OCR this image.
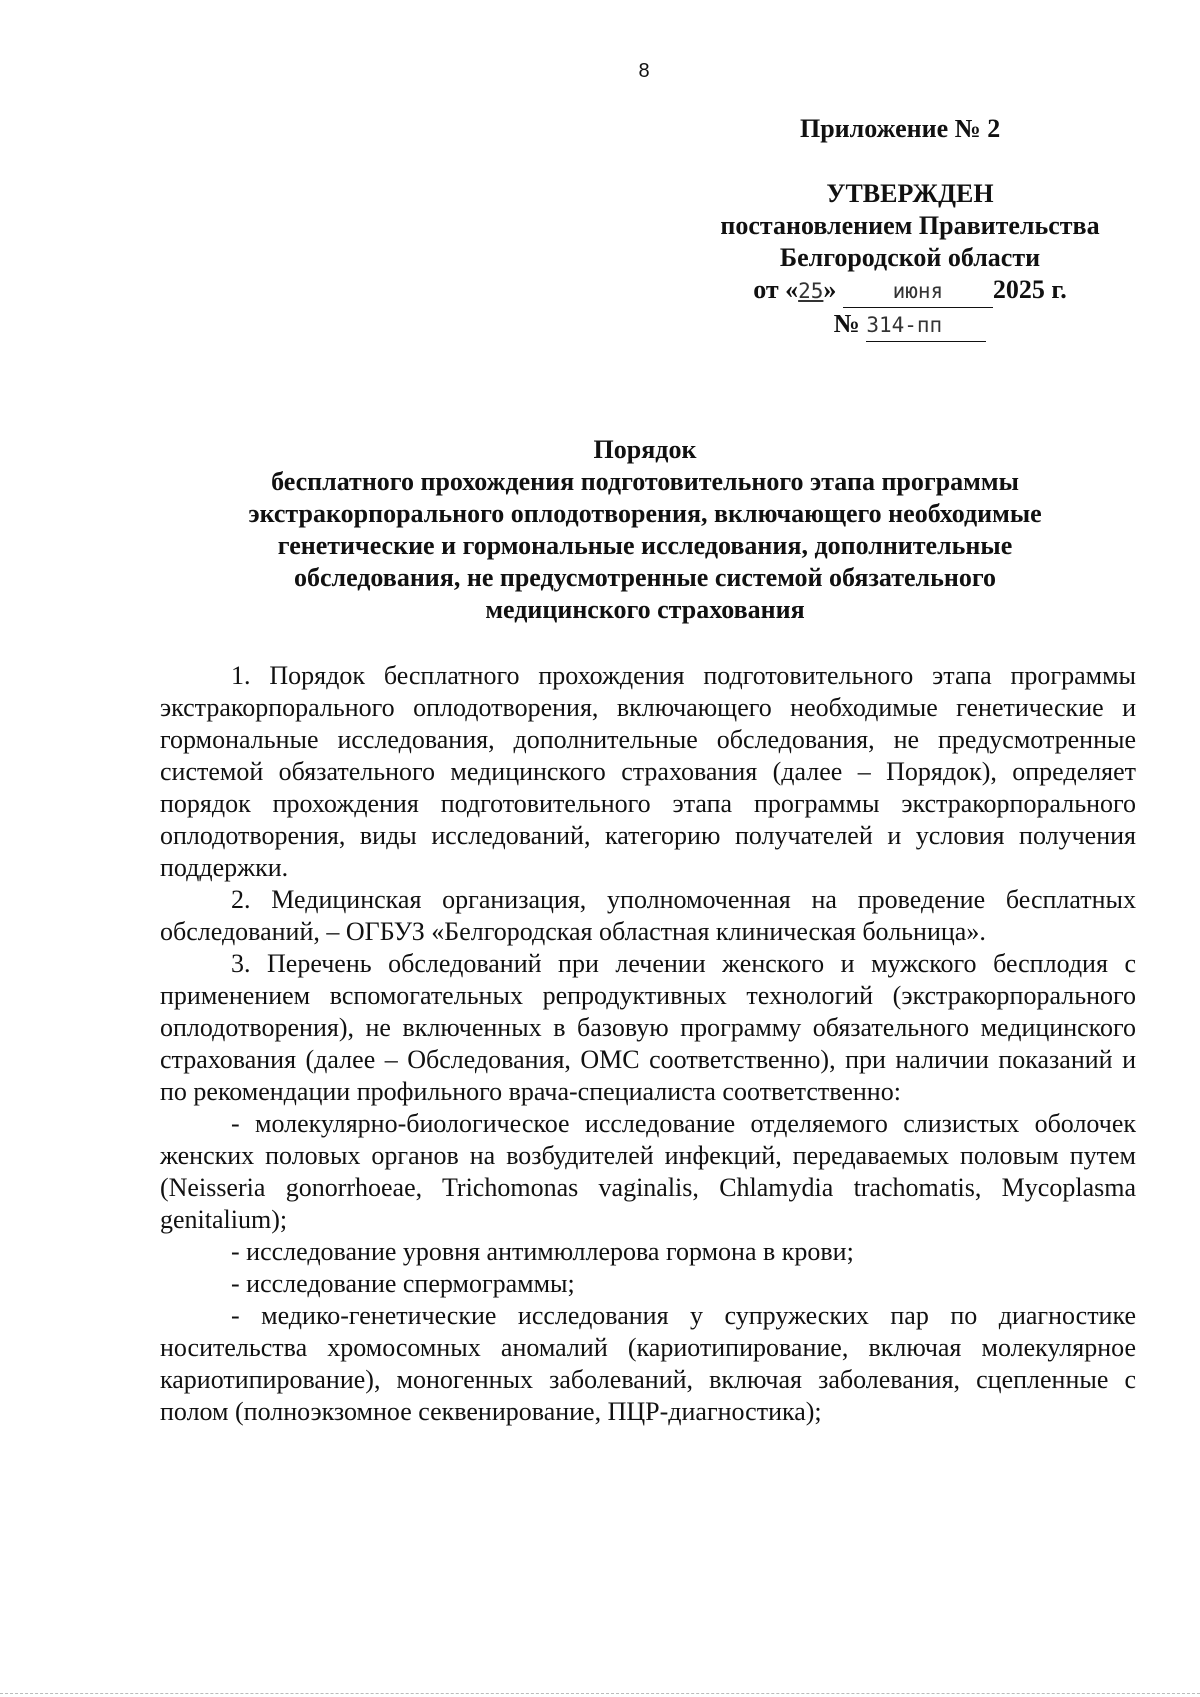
8
Приложение № 2
УТВЕРЖДЕН
постановлением Правительства
Белгородской области
от «25»	июня 2025 г.
№ 314-пп
Порядок
бесплатного прохождения подготовительного этапа программы
экстракорпорального оплодотворения, включающего необходимые
генетические и гормональные исследования, дополнительные
обследования, не предусмотренные системой обязательного
медицинского страхования

1. Порядок бесплатного прохождения подготовительного этапа программы экстракорпорального оплодотворения, включающего необходимые генетические и гормональные исследования, дополнительные обследования, не предусмотренные системой обязательного медицинского страхования (далее – Порядок), определяет порядок прохождения подготовительного этапа программы экстракорпорального оплодотворения, виды исследований, категорию получателей и условия получения поддержки.

2. Медицинская организация, уполномоченная на проведение бесплатных обследований, – ОГБУЗ «Белгородская областная клиническая больница».

3. Перечень обследований при лечении женского и мужского бесплодия с применением вспомогательных репродуктивных технологий (экстракорпорального оплодотворения), не включенных в базовую программу обязательного медицинского страхования (далее – Обследования, ОМС соответственно), при наличии показаний и по рекомендации профильного врача-специалиста соответственно:

- молекулярно-биологическое исследование отделяемого слизистых оболочек женских половых органов на возбудителей инфекций, передаваемых половым путем (Neisseria gonorrhoeae, Trichomonas vaginalis, Chlamydia trachomatis, Mycoplasma genitalium);

- исследование уровня антимюллерова гормона в крови;

- исследование спермограммы;

- медико-генетические исследования у супружеских пар по диагностике носительства хромосомных аномалий (кариотипирование, включая молекулярное кариотипирование), моногенных заболеваний, включая заболевания, сцепленные с полом (полноэкзомное секвенирование, ПЦР-диагностика);
